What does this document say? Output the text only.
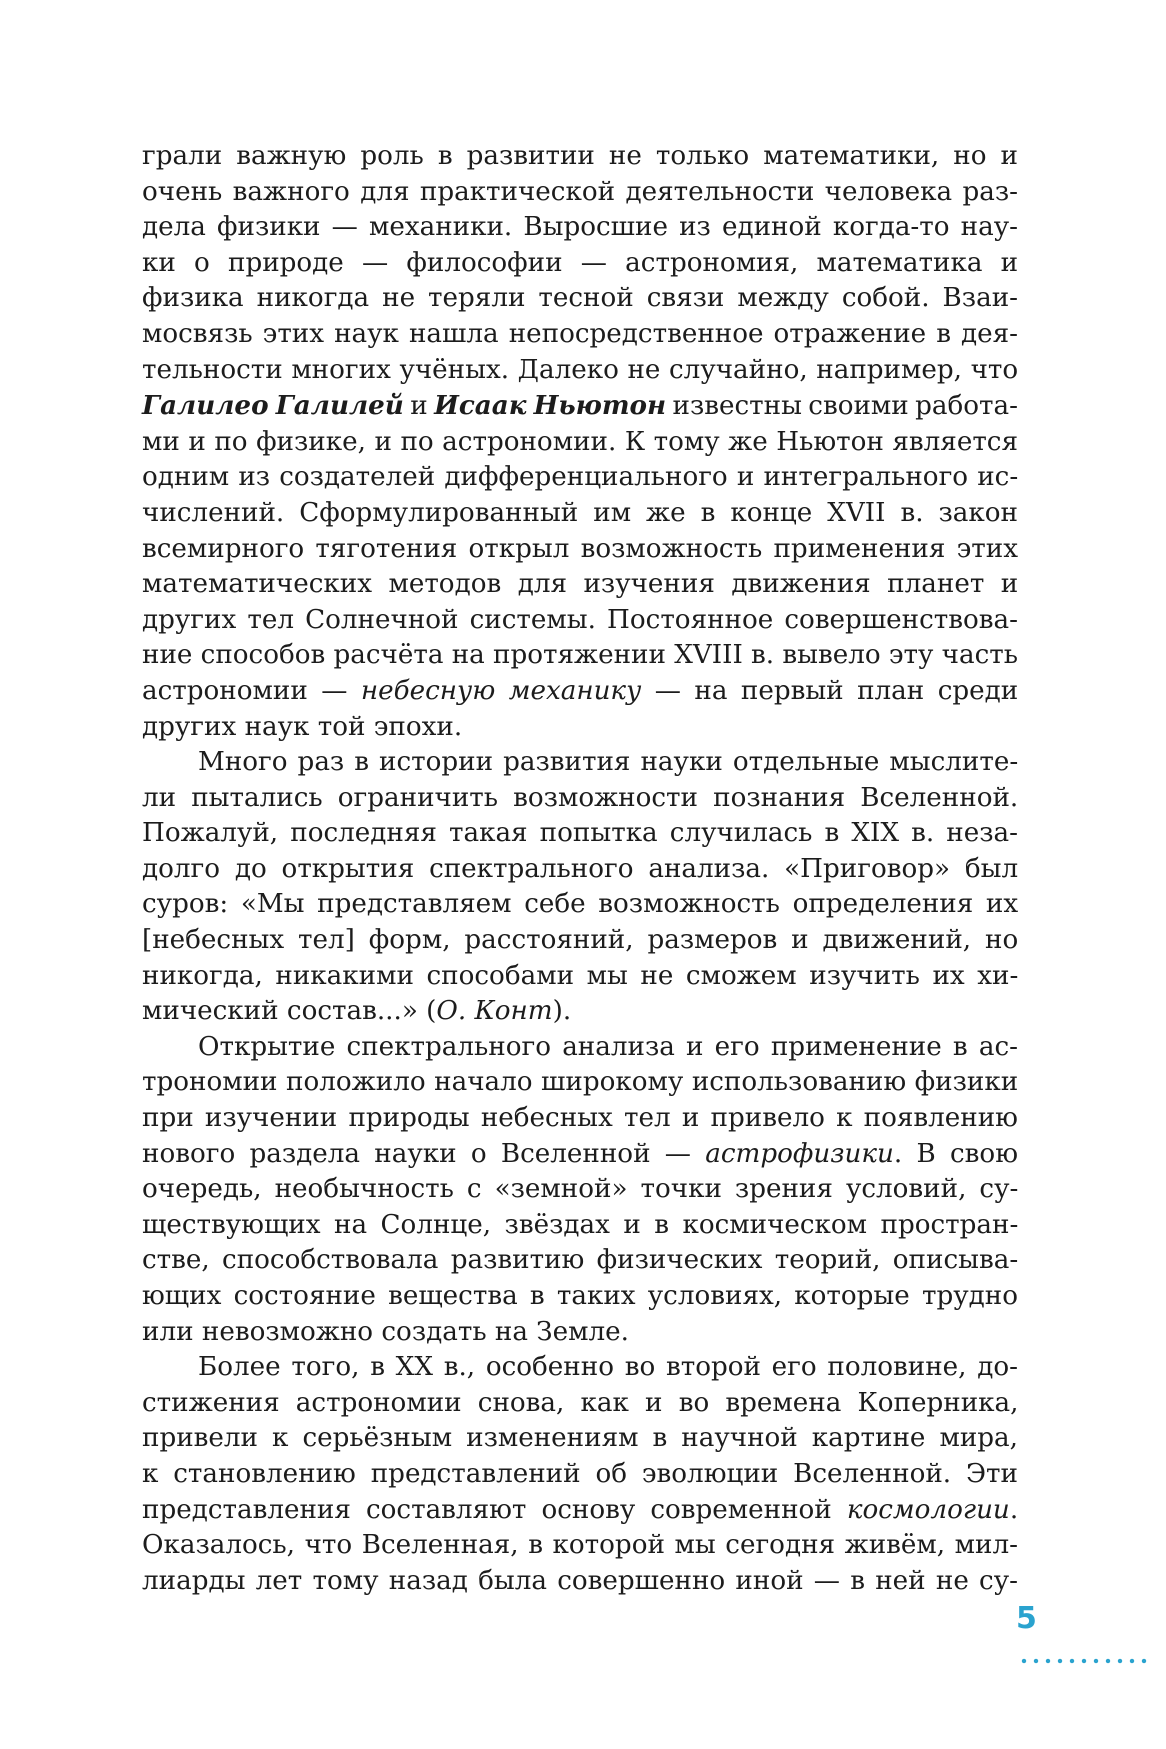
грали важную роль в развитии не только математики, но и
очень важного для практической деятельности человека раз-
дела физики — механики. Выросшие из единой когда-то нау-
ки о природе — философии — астрономия, математика и
физика никогда не теряли тесной связи между собой. Взаи-
мосвязь этих наук нашла непосредственное отражение в дея-
тельности многих учёных. Далеко не случайно, например, что
Галилео Галилей и Исаак Ньютон известны своими работа-
ми и по физике, и по астрономии. К тому же Ньютон является
одним из создателей дифференциального и интегрального ис-
числений. Сформулированный им же в конце XVII в. закон
всемирного тяготения открыл возможность применения этих
математических методов для изучения движения планет и
других тел Солнечной системы. Постоянное совершенствова-
ние способов расчёта на протяжении XVIII в. вывело эту часть
астрономии — небесную механику — на первый план среди
других наук той эпохи.
Много раз в истории развития науки отдельные мыслите-
ли пытались ограничить возможности познания Вселенной.
Пожалуй, последняя такая попытка случилась в XIX в. неза-
долго до открытия спектрального анализа. «Приговор» был
суров: «Мы представляем себе возможность определения их
[небесных тел] форм, расстояний, размеров и движений, но
никогда, никакими способами мы не сможем изучить их хи-
мический состав...» (О. Конт).
Открытие спектрального анализа и его применение в ас-
трономии положило начало широкому использованию физики
при изучении природы небесных тел и привело к появлению
нового раздела науки о Вселенной — астрофизики. В свою
очередь, необычность с «земной» точки зрения условий, су-
ществующих на Солнце, звёздах и в космическом простран-
стве, способствовала развитию физических теорий, описыва-
ющих состояние вещества в таких условиях, которые трудно
или невозможно создать на Земле.
Более того, в XX в., особенно во второй его половине, до-
стижения астрономии снова, как и во времена Коперника,
привели к серьёзным изменениям в научной картине мира,
к становлению представлений об эволюции Вселенной. Эти
представления составляют основу современной космологии.
Оказалось, что Вселенная, в которой мы сегодня живём, мил-
лиарды лет тому назад была совершенно иной — в ней не су-
5
